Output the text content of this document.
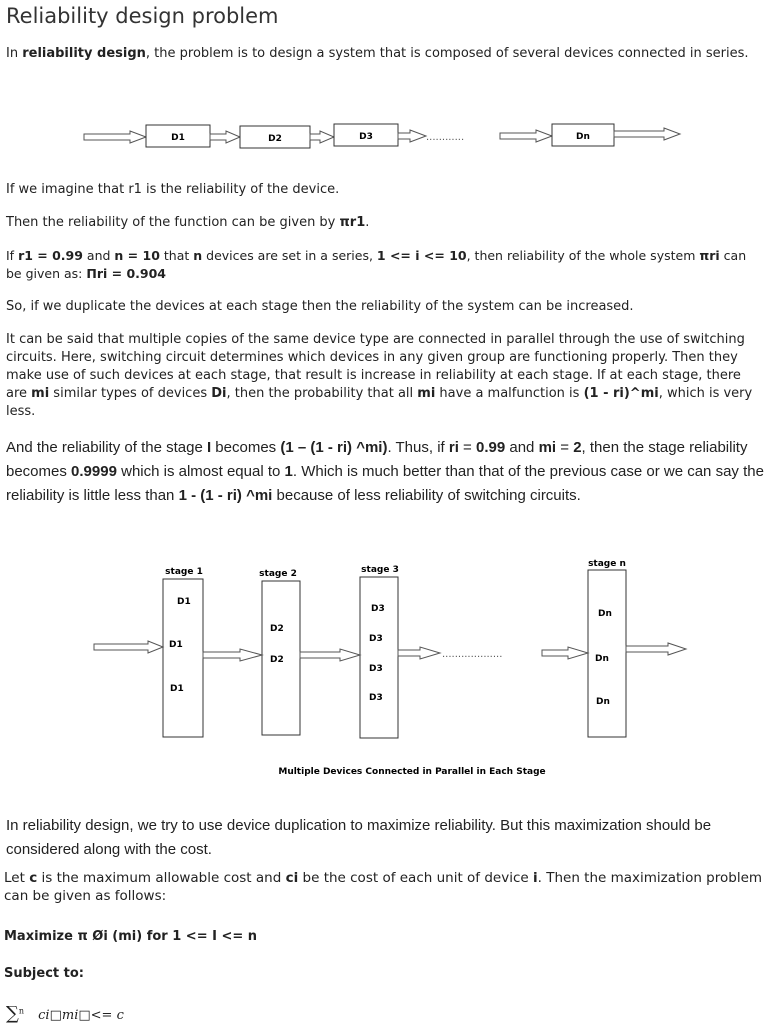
Reliability design problem

In reliability design, the problem is to design a system that is composed of several devices connected in series.

D1	D2	D3	............	Dn

If we imagine that r1 is the reliability of the device.

Then the reliability of the function can be given by πr1.

If r1 = 0.99 and n = 10 that n devices are set in a series, 1 <= i <= 10, then reliability of the whole system πri can be given as: Πri = 0.904

So, if we duplicate the devices at each stage then the reliability of the system can be increased.

It can be said that multiple copies of the same device type are connected in parallel through the use of switching circuits. Here, switching circuit determines which devices in any given group are functioning properly. Then they make use of such devices at each stage, that result is increase in reliability at each stage. If at each stage, there are mi similar types of devices Di, then the probability that all mi have a malfunction is (1 - ri)^mi, which is very less.

And the reliability of the stage I becomes (1 – (1 - ri) ^mi). Thus, if ri = 0.99 and mi = 2, then the stage reliability becomes 0.9999 which is almost equal to 1. Which is much better than that of the previous case or we can say the reliability is little less than 1 - (1 - ri) ^mi because of less reliability of switching circuits.

stage 1	stage 2	stage 3
stage n
D1
D1
D1
D2
D2
D3
D3
D3
D3
Dn
Dn
Dn
...................
Multiple Devices Connected in Parallel in Each Stage

In reliability design, we try to use device duplication to maximize reliability. But this maximization should be considered along with the cost.

Let c is the maximum allowable cost and ci be the cost of each unit of device i. Then the maximization problem can be given as follows:

Maximize π Øi (mi) for 1 <= I <= n

Subject to:

∑$^n$ ci□mi□<= c
